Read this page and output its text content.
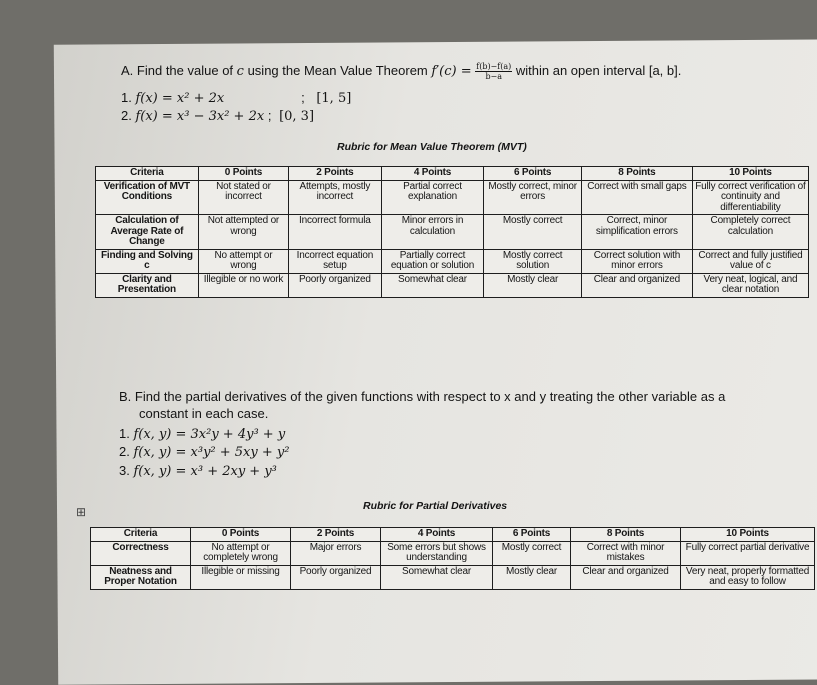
A. Find the value of c using the Mean Value Theorem $f'(c) = \frac{f(b)-f(a)}{b-a}$ within an open interval [a, b].
1. f(x) = x² + 2x	; [1, 5]
2. f(x) = x³ − 3x² + 2x ; [0, 3]
Rubric for Mean Value Theorem (MVT)
Criteria	0 Points	2 Points	4 Points	6 Points	8 Points	10 Points
Verification of MVT Conditions	Not stated or incorrect	Attempts, mostly incorrect	Partial correct explanation	Mostly correct, minor errors	Correct with small gaps	Fully correct verification of continuity and differentiability
Calculation of Average Rate of Change	Not attempted or wrong	Incorrect formula	Minor errors in calculation	Mostly correct	Correct, minor simplification errors	Completely correct calculation
Finding and Solving c	No attempt or wrong	Incorrect equation setup	Partially correct equation or solution	Mostly correct solution	Correct solution with minor errors	Correct and fully justified value of c
Clarity and Presentation	Illegible or no work	Poorly organized	Somewhat clear	Mostly clear	Clear and organized	Very neat, logical, and clear notation
B. Find the partial derivatives of the given functions with respect to x and y treating the other variable as a
constant in each case.
1. f(x, y) = 3x²y + 4y³ + y
2. f(x, y) = x³y² + 5xy + y²
3. f(x, y) = x³ + 2xy + y³
⊞	Rubric for Partial Derivatives
Criteria	0 Points	2 Points	4 Points	6 Points	8 Points	10 Points
Correctness	No attempt or completely wrong	Major errors	Some errors but shows understanding	Mostly correct	Correct with minor mistakes	Fully correct partial derivative
Neatness and Proper Notation	Illegible or missing	Poorly organized	Somewhat clear	Mostly clear	Clear and organized	Very neat, properly formatted and easy to follow
